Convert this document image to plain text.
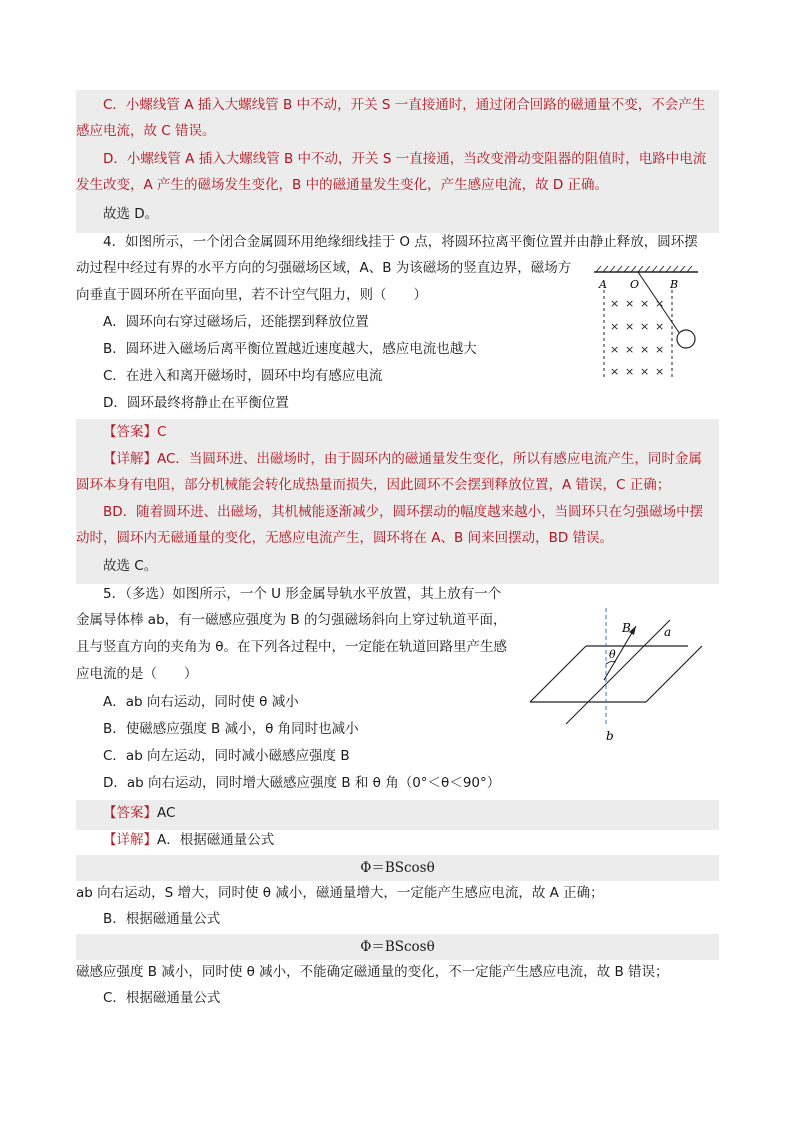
C．小螺线管 A 插入大螺线管 B 中不动，开关 S 一直接通时，通过闭合回路的磁通量不变，不会产生
感应电流，故 C 错误。
D．小螺线管 A 插入大螺线管 B 中不动，开关 S 一直接通，当改变滑动变阻器的阻值时，电路中电流
发生改变，A 产生的磁场发生变化，B 中的磁通量发生变化，产生感应电流，故 D 正确。
故选 D。
4．如图所示，一个闭合金属圆环用绝缘细线挂于 O 点，将圆环拉离平衡位置并由静止释放，圆环摆
动过程中经过有界的水平方向的匀强磁场区域，A、B 为该磁场的竖直边界，磁场方
向垂直于圆环所在平面向里，若不计空气阻力，则（　　）
A．圆环向右穿过磁场后，还能摆到释放位置
B．圆环进入磁场后离平衡位置越近速度越大，感应电流也越大
C．在进入和离开磁场时，圆环中均有感应电流
D．圆环最终将静止在平衡位置
【答案】C
【详解】AC．当圆环进、出磁场时，由于圆环内的磁通量发生变化，所以有感应电流产生，同时金属
圆环本身有电阻，部分机械能会转化成热量而损失，因此圆环不会摆到释放位置，A 错误，C 正确；
BD．随着圆环进、出磁场，其机械能逐渐减少，圆环摆动的幅度越来越小，当圆环只在匀强磁场中摆
动时，圆环内无磁通量的变化，无感应电流产生，圆环将在 A、B 间来回摆动，BD 错误。
故选 C。
A O	B
× × × ×
× × × ×
× × × ×
× × × ×
5．（多选）如图所示，一个 U 形金属导轨水平放置，其上放有一个
金属导体棒 ab，有一磁感应强度为 B 的匀强磁场斜向上穿过轨道平面，
且与竖直方向的夹角为 θ。在下列各过程中，一定能在轨道回路里产生感
应电流的是（　　）
A．ab 向右运动，同时使 θ 减小
B．使磁感应强度 B 减小，θ 角同时也减小
C．ab 向左运动，同时减小磁感应强度 B
D．ab 向右运动，同时增大磁感应强度 B 和 θ 角（0°＜θ＜90°）
【答案】AC
【详解】A．根据磁通量公式
Φ＝BScosθ
ab 向右运动，S 增大，同时使 θ 减小，磁通量增大，一定能产生感应电流，故 A 正确；
B．根据磁通量公式
Φ＝BScosθ
磁感应强度 B 减小，同时使 θ 减小，不能确定磁通量的变化，不一定能产生感应电流，故 B 错误；
C．根据磁通量公式
B	a
b
θ
